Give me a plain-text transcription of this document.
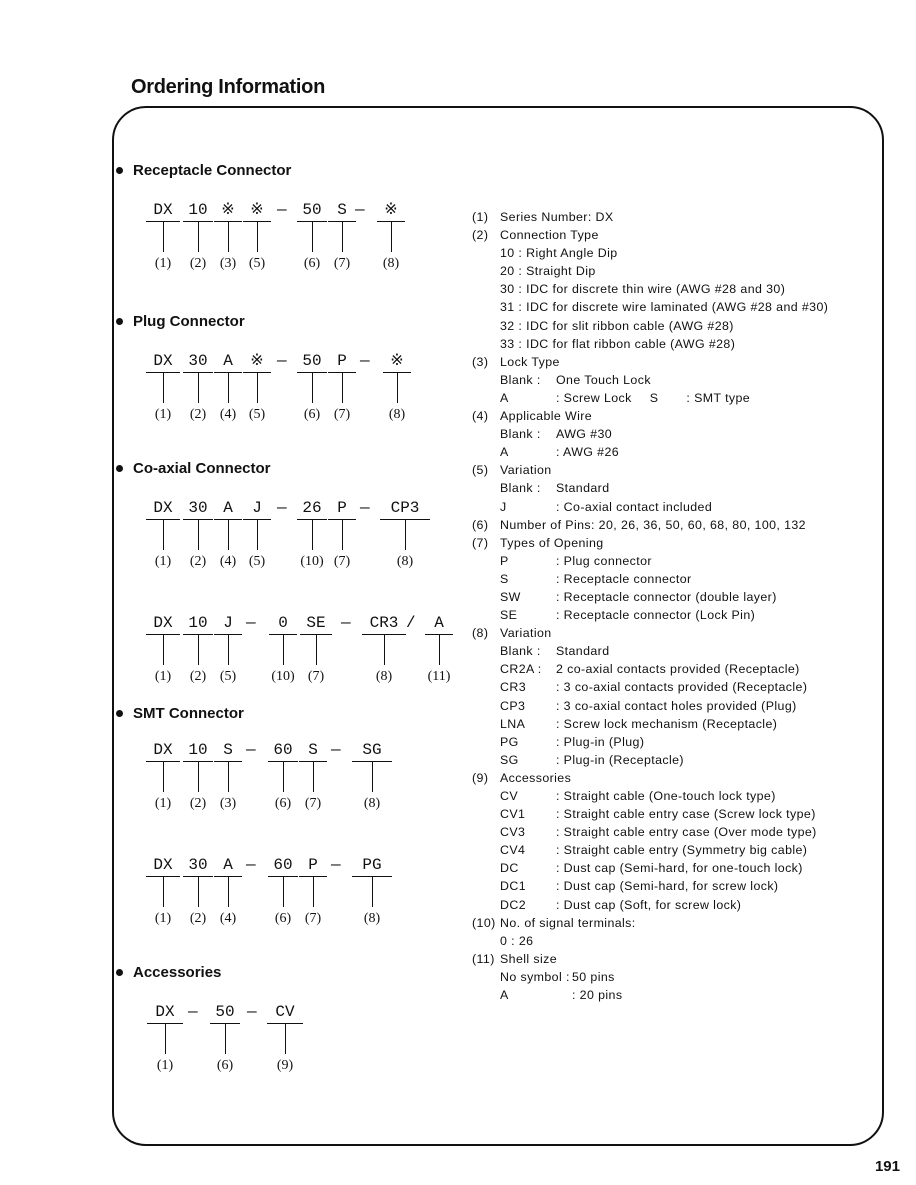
Ordering Information
Receptacle Connector
Plug Connector
Co-axial Connector
SMT Connector
Accessories
DX
(1)
10
(2)
※
(3)
※
(5)
50
(6)
S
(7)
※
(8)
—	—
DX
(1)
30
(2)
A
(4)
※
(5)
50
(6)
P
(7)
※
(8)
—	—
DX
(1)
30
(2)
A
(4)
J
(5)
26
(10)
P
(7)
CP3
(8)
—	—
DX
(1)
10
(2)
J
(5)
0
(10)
SE
(7)
CR3
(8)
A
(11)
—	—	/
DX
(1)
10
(2)
S
(3)
60
(6)
S
(7)
SG
(8)
—	—
DX
(1)
30
(2)
A
(4)
60
(6)
P
(7)
PG
(8)
—	—
DX
(1)
50
(6)
CV
(9)
—	—
(1) Series Number: DX
(2) Connection Type
10 : Right Angle Dip
20 : Straight Dip
30 : IDC for discrete thin wire (AWG #28 and 30)
31 : IDC for discrete wire laminated (AWG #28 and #30)
32 : IDC for slit ribbon cable (AWG #28)
33 : IDC for flat ribbon cable (AWG #28)
(3) Lock Type
Blank :	One Touch Lock
A	: Screw Lock S : SMT type
(4) Applicable Wire
Blank :	AWG #30
A	: AWG #26
(5) Variation
Blank :	Standard
J	: Co-axial contact included
(6) Number of Pins: 20, 26, 36, 50, 60, 68, 80, 100, 132
(7) Types of Opening
P	: Plug connector
S	: Receptacle connector
SW	: Receptacle connector (double layer)
SE	: Receptacle connector (Lock Pin)
(8) Variation
Blank :	Standard
CR2A :	2 co-axial contacts provided (Receptacle)
CR3	: 3 co-axial contacts provided (Receptacle)
CP3	: 3 co-axial contact holes provided (Plug)
LNA	: Screw lock mechanism (Receptacle)
PG	: Plug-in (Plug)
SG	: Plug-in (Receptacle)
(9) Accessories
CV	: Straight cable (One-touch lock type)
CV1	: Straight cable entry case (Screw lock type)
CV3	: Straight cable entry case (Over mode type)
CV4	: Straight cable entry (Symmetry big cable)
DC	: Dust cap (Semi-hard, for one-touch lock)
DC1	: Dust cap (Semi-hard, for screw lock)
DC2	: Dust cap (Soft, for screw lock)
(10) No. of signal terminals:
0 : 26
(11) Shell size
No symbol : 50 pins
A	: 20 pins
191
